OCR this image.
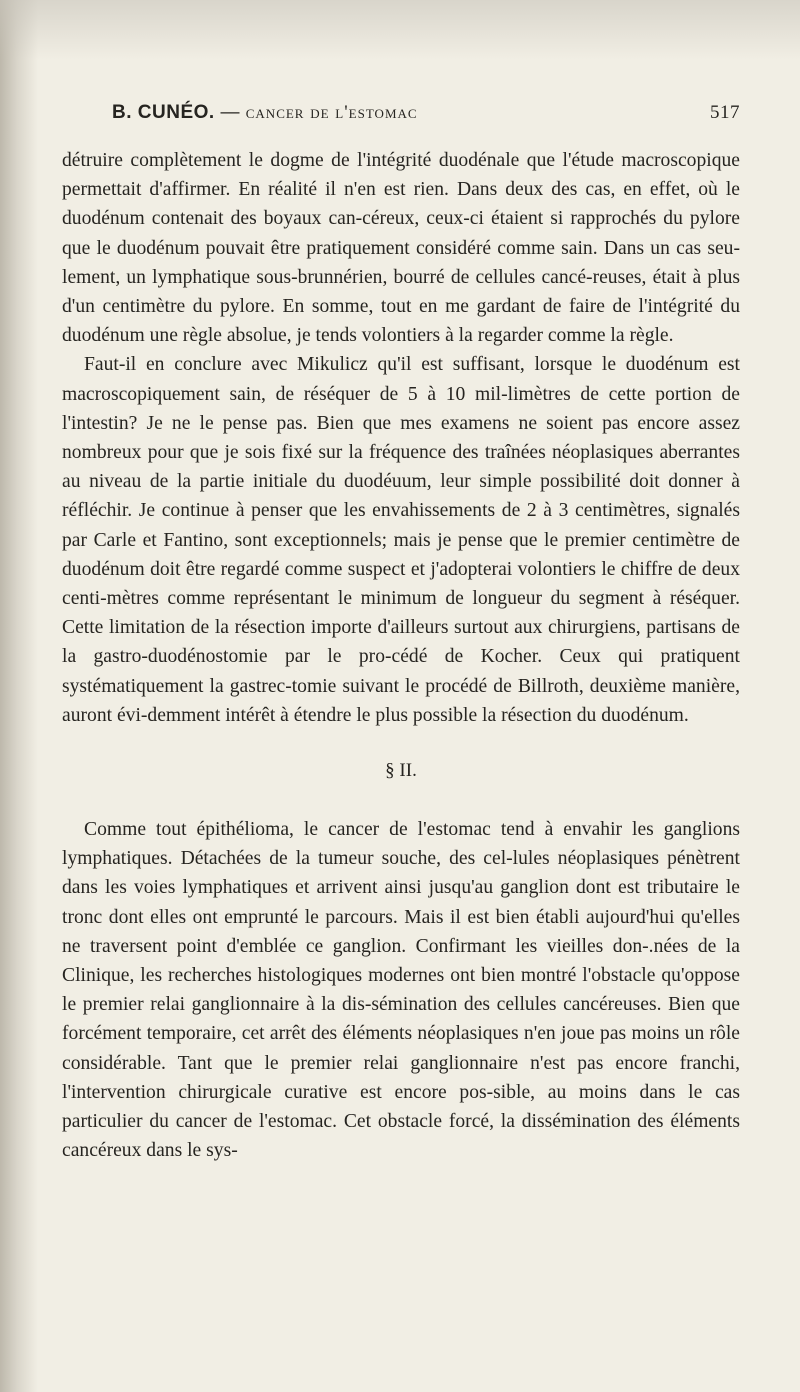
B. CUNÉO. — cancer de l'estomac	517

détruire complètement le dogme de l'intégrité duodénale que l'étude macroscopique permettait d'affirmer. En réalité il n'en est rien. Dans deux des cas, en effet, où le duodénum contenait des boyaux can-céreux, ceux-ci étaient si rapprochés du pylore que le duodénum pouvait être pratiquement considéré comme sain. Dans un cas seu-lement, un lymphatique sous-brunnérien, bourré de cellules cancé-reuses, était à plus d'un centimètre du pylore. En somme, tout en me gardant de faire de l'intégrité du duodénum une règle absolue, je tends volontiers à la regarder comme la règle.

Faut-il en conclure avec Mikulicz qu'il est suffisant, lorsque le duodénum est macroscopiquement sain, de réséquer de 5 à 10 mil-limètres de cette portion de l'intestin? Je ne le pense pas. Bien que mes examens ne soient pas encore assez nombreux pour que je sois fixé sur la fréquence des traînées néoplasiques aberrantes au niveau de la partie initiale du duodéuum, leur simple possibilité doit donner à réfléchir. Je continue à penser que les envahissements de 2 à 3 centimètres, signalés par Carle et Fantino, sont exceptionnels; mais je pense que le premier centimètre de duodénum doit être regardé comme suspect et j'adopterai volontiers le chiffre de deux centi-mètres comme représentant le minimum de longueur du segment à réséquer. Cette limitation de la résection importe d'ailleurs surtout aux chirurgiens, partisans de la gastro-duodénostomie par le pro-cédé de Kocher. Ceux qui pratiquent systématiquement la gastrec-tomie suivant le procédé de Billroth, deuxième manière, auront évi-demment intérêt à étendre le plus possible la résection du duodénum.

§ II.

Comme tout épithélioma, le cancer de l'estomac tend à envahir les ganglions lymphatiques. Détachées de la tumeur souche, des cel-lules néoplasiques pénètrent dans les voies lymphatiques et arrivent ainsi jusqu'au ganglion dont est tributaire le tronc dont elles ont emprunté le parcours. Mais il est bien établi aujourd'hui qu'elles ne traversent point d'emblée ce ganglion. Confirmant les vieilles don-.nées de la Clinique, les recherches histologiques modernes ont bien montré l'obstacle qu'oppose le premier relai ganglionnaire à la dis-sémination des cellules cancéreuses. Bien que forcément temporaire, cet arrêt des éléments néoplasiques n'en joue pas moins un rôle considérable. Tant que le premier relai ganglionnaire n'est pas encore franchi, l'intervention chirurgicale curative est encore pos-sible, au moins dans le cas particulier du cancer de l'estomac. Cet obstacle forcé, la dissémination des éléments cancéreux dans le sys-
